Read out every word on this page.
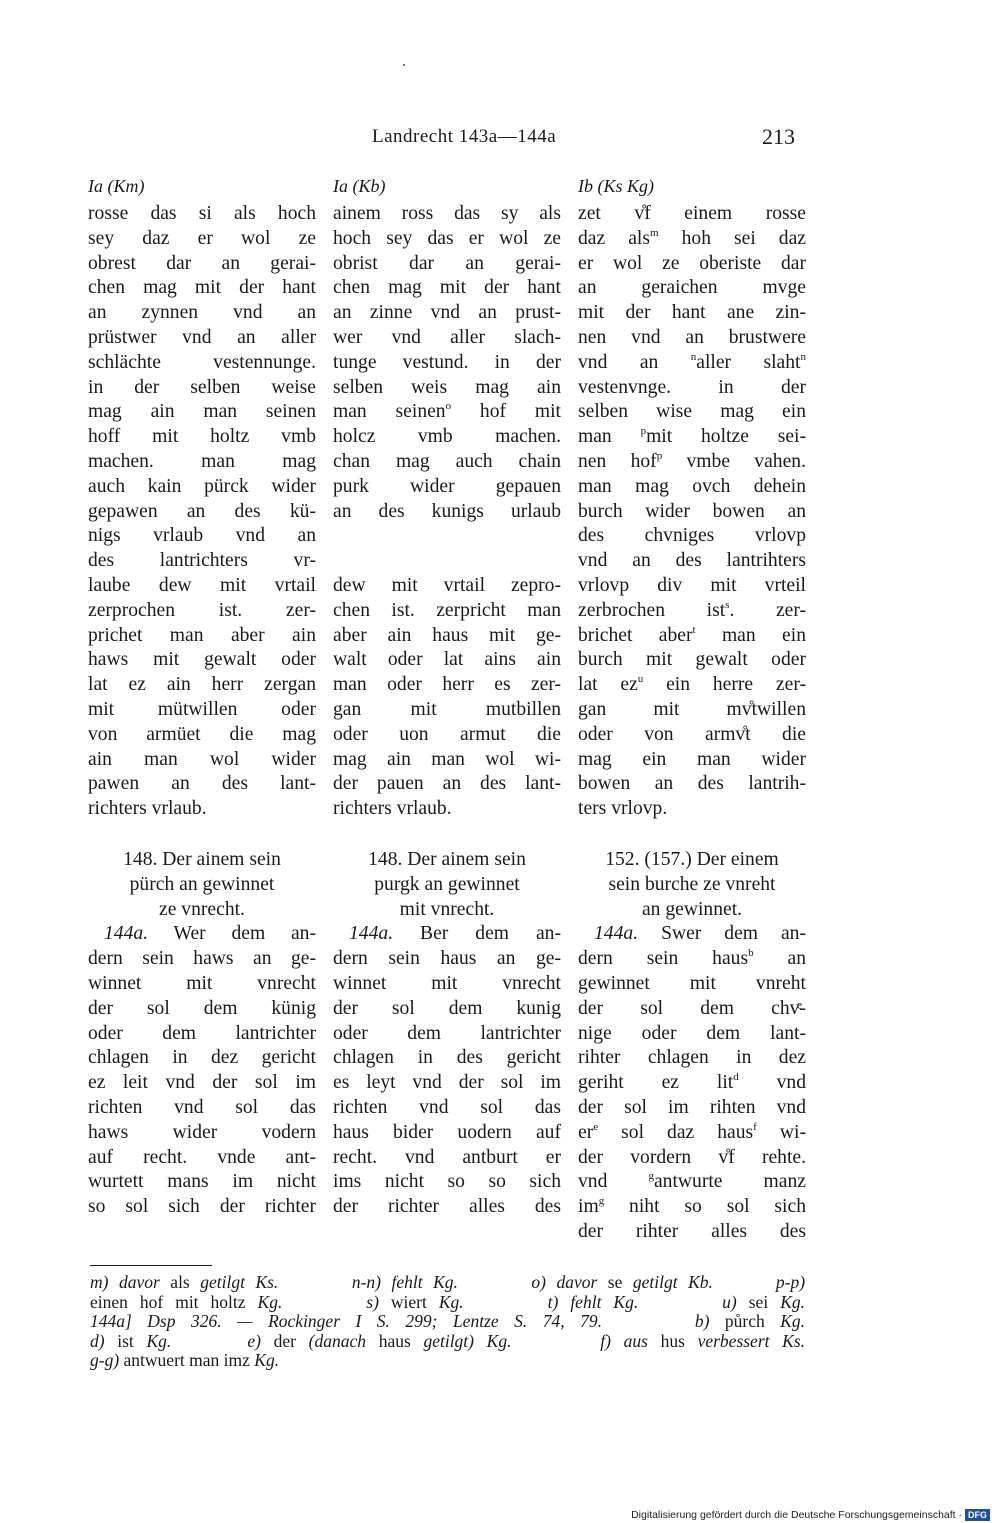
Landrecht 143a—144a	213
Ia (Km)
rosse das si als hoch
sey daz er wol ze
obrest dar an gerai-
chen mag mit der hant
an zynnen vnd an
prüstwer vnd an aller
schlächte vestennunge.
in der selben weise
mag ain man seinen
hoff mit holtz vmb
machen. man mag
auch kain pürck wider
gepawen an des kü-
nigs vrlaub vnd an
des lantrichters vr-
laube dew mit vrtail
zerprochen ist. zer-
prichet man aber ain
haws mit gewalt oder
lat ez ain herr zergan
mit mütwillen oder
von armüet die mag
ain man wol wider
pawen an des lant-
richters vrlaub.
Ia (Kb)
ainem ross das sy als
hoch sey das er wol ze
obrist dar an gerai-
chen mag mit der hant
an zinne vnd an prust-
wer vnd aller slach-
tunge vestund. in der
selben weis mag ain
man seinen$^o$ hof mit
holcz vmb machen.
chan mag auch chain
purk wider gepauen
an des kunigs urlaub
dew mit vrtail zepro-
chen ist. zerpricht man
aber ain haus mit ge-
walt oder lat ains ain
man oder herr es zer-
gan mit mutbillen
oder uon armut die
mag ain man wol wi-
der pauen an des lant-
richters vrlaub.
Ib (Ks Kg)
zet v̊f einem rosse
daz als$^m$ hoh sei daz
er wol ze oberiste dar
an geraichen mvge
mit der hant ane zin-
nen vnd an brustwere
vnd an $^n$aller slaht$^n$
vestenvnge. in der
selben wise mag ein
man $^p$mit holtze sei-
nen hof$^p$ vmbe vahen.
man mag ovch dehein
burch wider bowen an
des chvniges vrlovp
vnd an des lantrihters
vrlovp div mit vrteil
zerbrochen ist$^s$. zer-
brichet aber$^t$ man ein
burch mit gewalt oder
lat $ez^u$ ein herre zer-
gan mit mv̊twillen
oder von armv̊t die
mag ein man wider
bowen an des lantrih-
ters vrlovp.
148. Der ainem sein
pürch an gewinnet
ze vnrecht.
144a. Wer dem an-
dern sein haws an ge-
winnet mit vnrecht
der sol dem künig
oder dem lantrichter
chlagen in dez gericht
ez leit vnd der sol im
richten vnd sol das
haws wider vodern
auf recht. vnde ant-
wurtett mans im nicht
so sol sich der richter
148. Der ainem sein
purgk an gewinnet
mit vnrecht.
144a. Ber dem an-
dern sein haus an ge-
winnet mit vnrecht
der sol dem kunig
oder dem lantrichter
chlagen in des gericht
es leyt vnd der sol im
richten vnd sol das
haus bider uodern auf
recht. vnd antburt er
ims nicht so so sich
der richter alles des
152. (157.) Der einem
sein burche ze vnreht
an gewinnet.
144a. Swer dem an-
dern sein haus$^b$ an
gewinnet mit vnreht
der sol dem chvͤ-
nige oder dem lant-
rihter chlagen in dez
geriht ez lit$^d$ vnd
der sol im rihten vnd
$er^e$ sol daz haus$^f$ wi-
der vordern v̊f rehte.
vnd $^g$antwurte manz
$im^g$ niht so sol sich
der rihter alles des
m) davor als getilgt Ks.	n-n) fehlt Kg.	o) davor se getilgt Kb.	p-p)
einen hof mit holtz Kg.	s) wiert Kg.	t) fehlt Kg.	u) sei Kg.
144a] Dsp 326. — Rockinger I S. 299; Lentze S. 74, 79.	b) půrch Kg.
d) ist Kg.	e) der (danach haus getilgt) Kg.	f) aus hus verbessert Ks.
g-g) antwuert man imz Kg.
Digitalisierung gefördert durch die Deutsche Forschungsgemeinschaft · DFG
